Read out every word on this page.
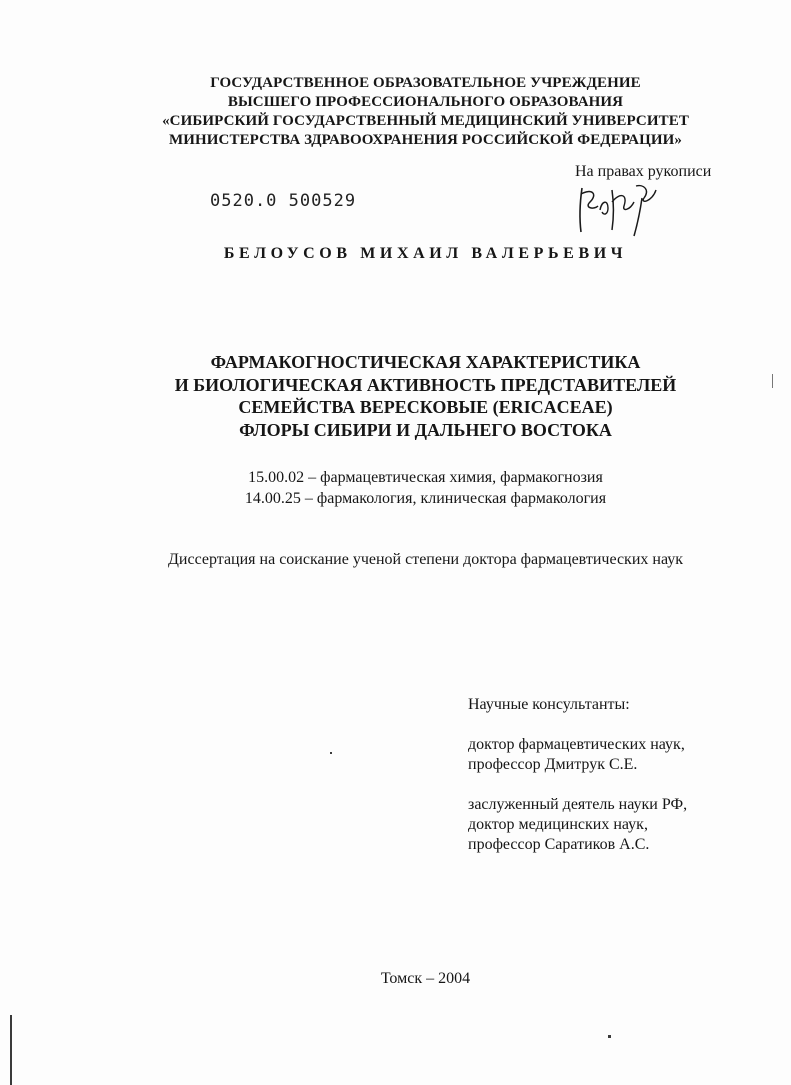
ГОСУДАРСТВЕННОЕ ОБРАЗОВАТЕЛЬНОЕ УЧРЕЖДЕНИЕ
ВЫСШЕГО ПРОФЕССИОНАЛЬНОГО ОБРАЗОВАНИЯ
«СИБИРСКИЙ ГОСУДАРСТВЕННЫЙ МЕДИЦИНСКИЙ УНИВЕРСИТЕТ
МИНИСТЕРСТВА ЗДРАВООХРАНЕНИЯ РОССИЙСКОЙ ФЕДЕРАЦИИ»
На правах рукописи
0520.0 500529
БЕЛОУСОВ МИХАИЛ ВАЛЕРЬЕВИЧ
ФАРМАКОГНОСТИЧЕСКАЯ ХАРАКТЕРИСТИКА
И БИОЛОГИЧЕСКАЯ АКТИВНОСТЬ ПРЕДСТАВИТЕЛЕЙ
СЕМЕЙСТВА ВЕРЕСКОВЫЕ (ERICACEAE)
ФЛОРЫ СИБИРИ И ДАЛЬНЕГО ВОСТОКА
15.00.02 – фармацевтическая химия, фармакогнозия
14.00.25 – фармакология, клиническая фармакология
Диссертация на соискание ученой степени доктора фармацевтических наук
Научные консультанты:
доктор фармацевтических наук,
профессор Дмитрук С.Е.
заслуженный деятель науки РФ,
доктор медицинских наук,
профессор Саратиков А.С.
Томск – 2004
